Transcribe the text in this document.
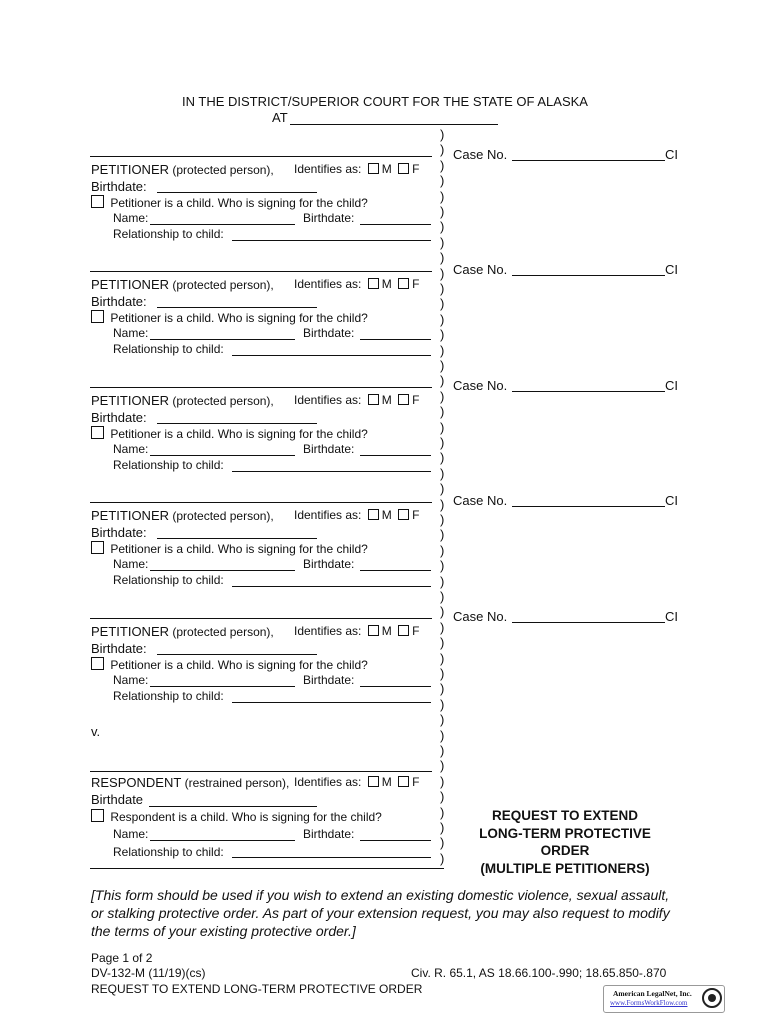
IN THE DISTRICT/SUPERIOR COURT FOR THE STATE OF ALASKA
AT
Case No.	CI
PETITIONER (protected person), Identifies as: M F
Birthdate:
Petitioner is a child. Who is signing for the child?
Name:	Birthdate:
Relationship to child:
Case No.	CI
PETITIONER (protected person), Identifies as: M F
Birthdate:
Petitioner is a child. Who is signing for the child?
Name:	Birthdate:
Relationship to child:
Case No.	CI
PETITIONER (protected person), Identifies as: M F
Birthdate:
Petitioner is a child. Who is signing for the child?
Name:	Birthdate:
Relationship to child:
Case No.	CI
PETITIONER (protected person), Identifies as: M F
Birthdate:
Petitioner is a child. Who is signing for the child?
Name:	Birthdate:
Relationship to child:
Case No.	CI
PETITIONER (protected person), Identifies as: M F
Birthdate:
Petitioner is a child. Who is signing for the child?
Name:	Birthdate:
Relationship to child:
v.
RESPONDENT (restrained person), Identifies as: M F
Birthdate
Respondent is a child. Who is signing for the child?
Name:	Birthdate:
Relationship to child:
)
)
)
)
)
)
)
)
)
)
)
)
)
)
)
)
)
)
)
)
)
)
)
)
)
)
)
)
)
)
)
)
)
)
)
)
)
)
)
)
)
)
)
)
)
)
)
)
REQUEST TO EXTEND
LONG-TERM PROTECTIVE
ORDER
(MULTIPLE PETITIONERS)
[This form should be used if you wish to extend an existing domestic violence, sexual assault,
or stalking protective order. As part of your extension request, you may also request to modify
the terms of your existing protective order.]
Page 1 of 2
DV-132-M (11/19)(cs)
REQUEST TO EXTEND LONG-TERM PROTECTIVE ORDER
Civ. R. 65.1, AS 18.66.100-.990; 18.65.850-.870
American LegalNet, Inc.
www.FormsWorkFlow.com
